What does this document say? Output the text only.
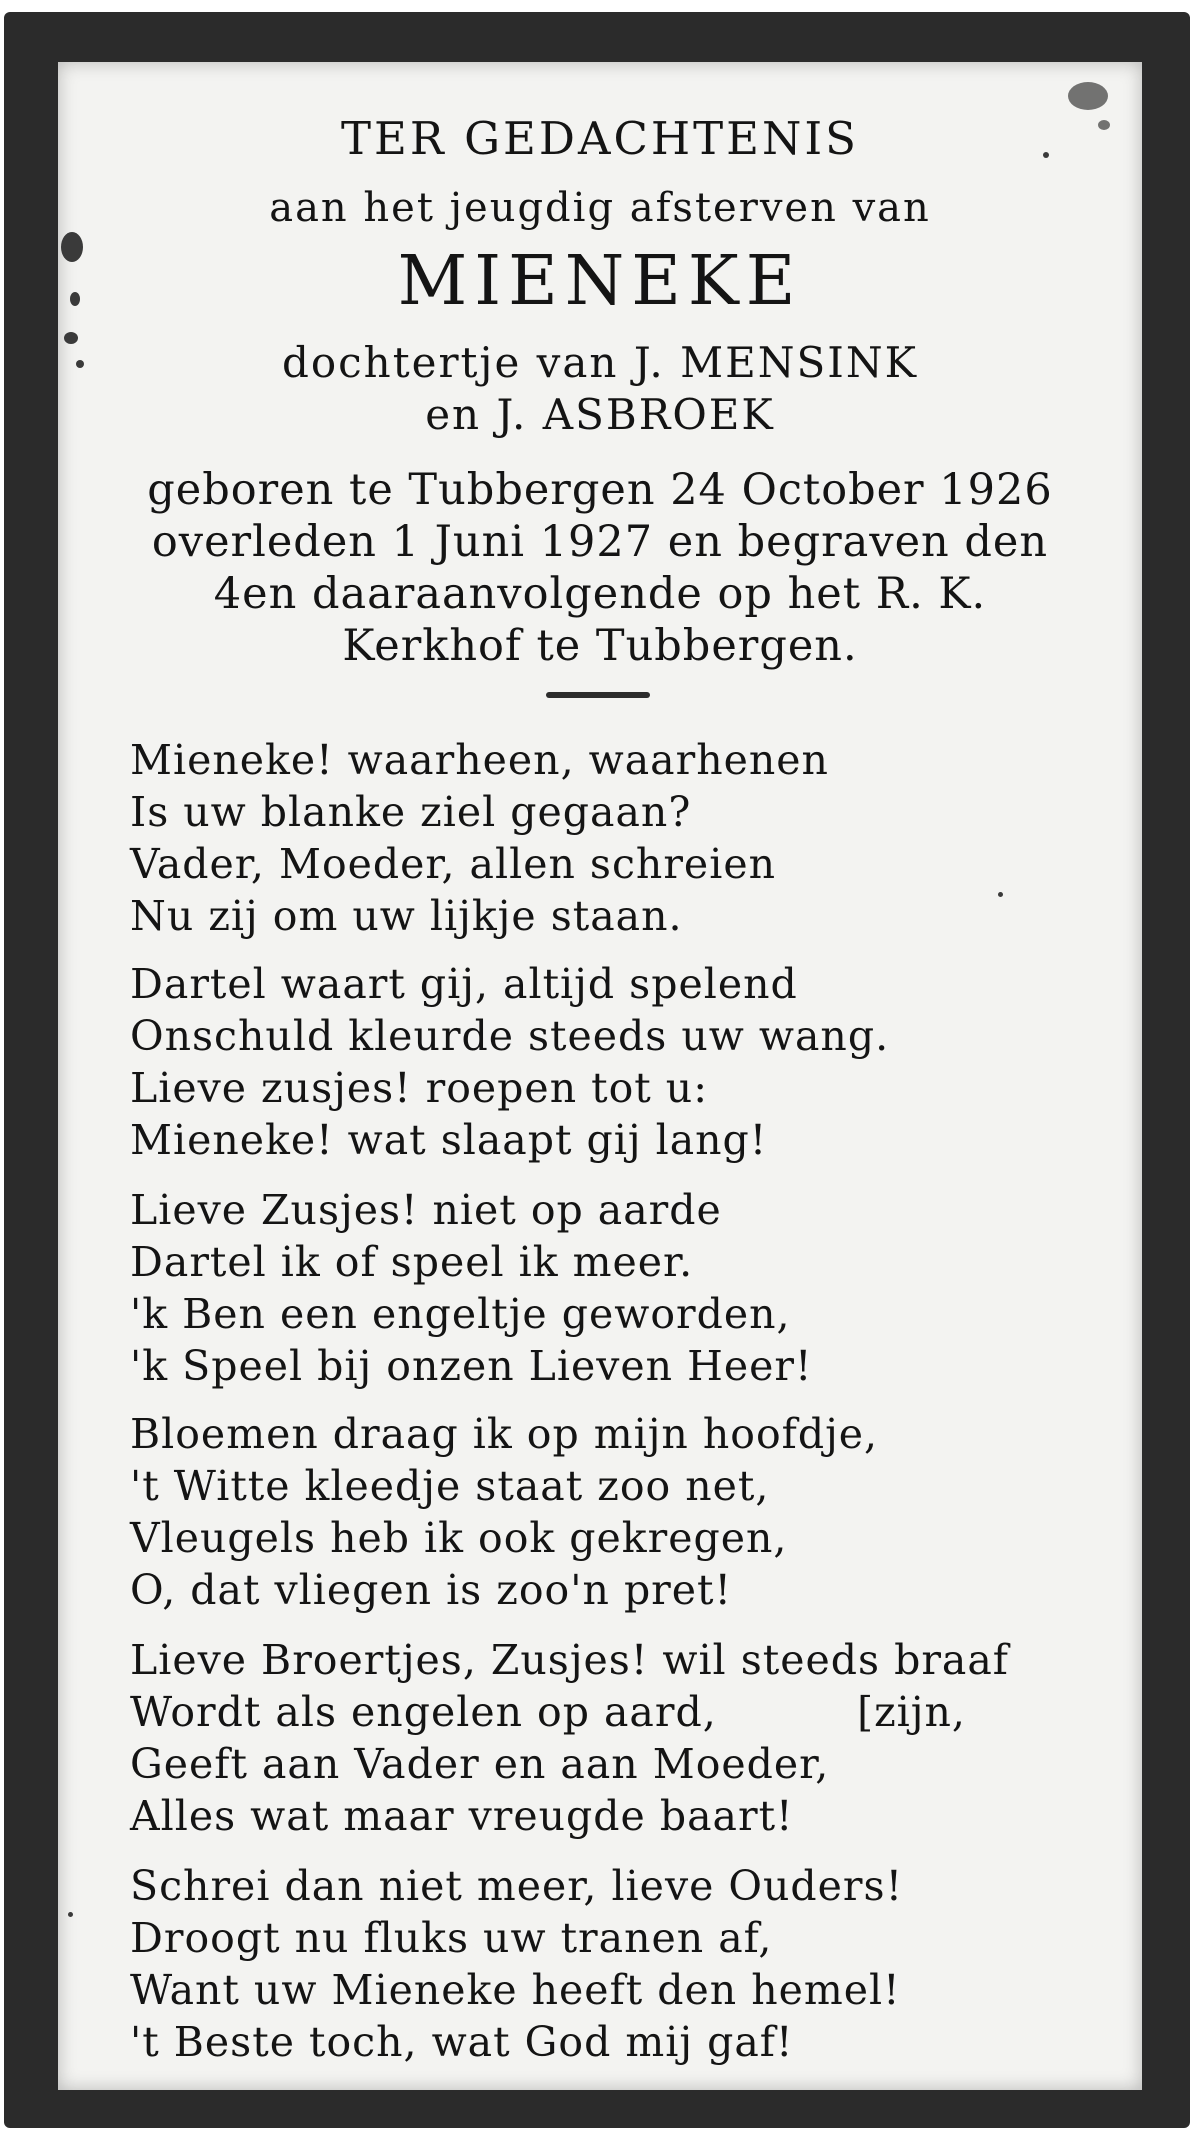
TER GEDACHTENIS
aan het jeugdig afsterven van
MIENEKE
dochtertje van J. MENSINK
en J. ASBROEK
geboren te Tubbergen 24 October 1926
overleden 1 Juni 1927 en begraven den
4en daaraanvolgende op het R. K.
Kerkhof te Tubbergen.
Mieneke! waarheen, waarhenen
Is uw blanke ziel gegaan?
Vader, Moeder, allen schreien
Nu zij om uw lijkje staan.
Dartel waart gij, altijd spelend
Onschuld kleurde steeds uw wang.
Lieve zusjes! roepen tot u:
Mieneke! wat slaapt gij lang!
Lieve Zusjes! niet op aarde
Dartel ik of speel ik meer.
'k Ben een engeltje geworden,
'k Speel bij onzen Lieven Heer!
Bloemen draag ik op mijn hoofdje,
't Witte kleedje staat zoo net,
Vleugels heb ik ook gekregen,
O, dat vliegen is zoo'n pret!
Lieve Broertjes, Zusjes! wil steeds braaf
Wordt als engelen op aard,          [zijn,
Geeft aan Vader en aan Moeder,
Alles wat maar vreugde baart!
Schrei dan niet meer, lieve Ouders!
Droogt nu fluks uw tranen af,
Want uw Mieneke heeft den hemel!
't Beste toch, wat God mij gaf!
